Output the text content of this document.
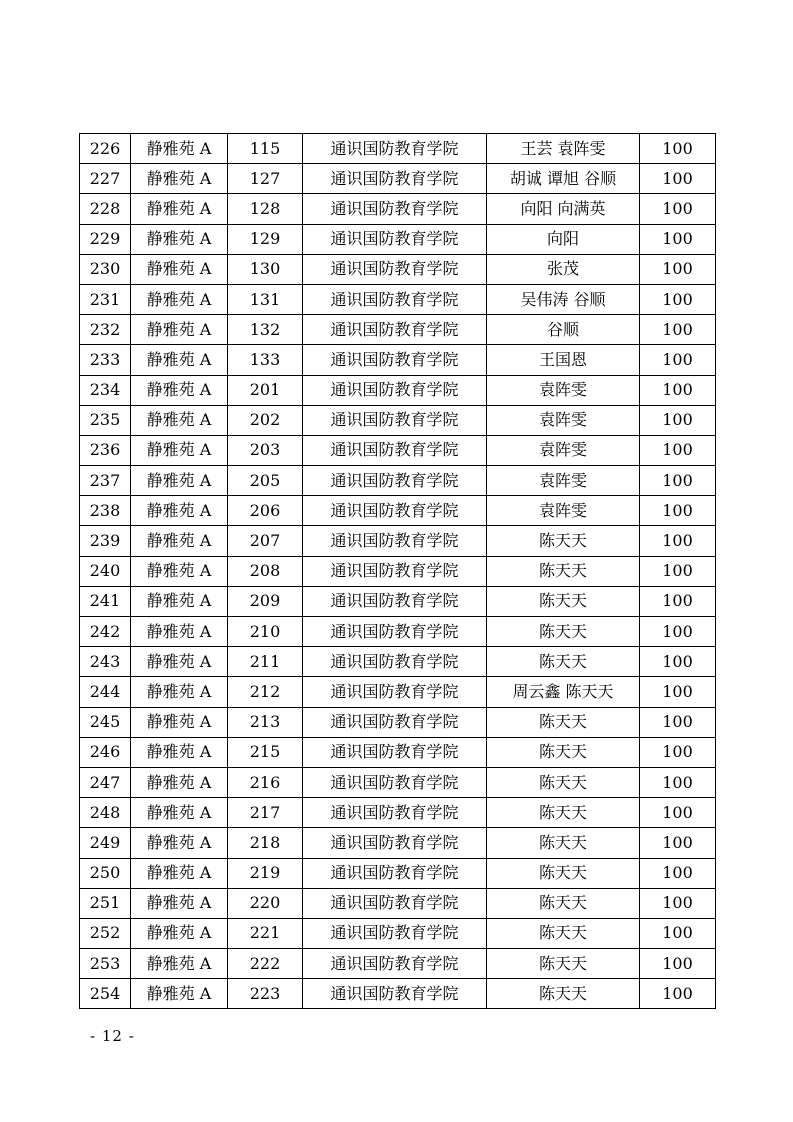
226	静雅苑 A	115	通识国防教育学院	王芸 袁阵雯	100
227	静雅苑 A	127	通识国防教育学院	胡诚 谭旭 谷顺	100
228	静雅苑 A	128	通识国防教育学院	向阳 向满英	100
229	静雅苑 A	129	通识国防教育学院	向阳	100
230	静雅苑 A	130	通识国防教育学院	张茂	100
231	静雅苑 A	131	通识国防教育学院	吴伟涛 谷顺	100
232	静雅苑 A	132	通识国防教育学院	谷顺	100
233	静雅苑 A	133	通识国防教育学院	王国恩	100
234	静雅苑 A	201	通识国防教育学院	袁阵雯	100
235	静雅苑 A	202	通识国防教育学院	袁阵雯	100
236	静雅苑 A	203	通识国防教育学院	袁阵雯	100
237	静雅苑 A	205	通识国防教育学院	袁阵雯	100
238	静雅苑 A	206	通识国防教育学院	袁阵雯	100
239	静雅苑 A	207	通识国防教育学院	陈天天	100
240	静雅苑 A	208	通识国防教育学院	陈天天	100
241	静雅苑 A	209	通识国防教育学院	陈天天	100
242	静雅苑 A	210	通识国防教育学院	陈天天	100
243	静雅苑 A	211	通识国防教育学院	陈天天	100
244	静雅苑 A	212	通识国防教育学院	周云鑫 陈天天	100
245	静雅苑 A	213	通识国防教育学院	陈天天	100
246	静雅苑 A	215	通识国防教育学院	陈天天	100
247	静雅苑 A	216	通识国防教育学院	陈天天	100
248	静雅苑 A	217	通识国防教育学院	陈天天	100
249	静雅苑 A	218	通识国防教育学院	陈天天	100
250	静雅苑 A	219	通识国防教育学院	陈天天	100
251	静雅苑 A	220	通识国防教育学院	陈天天	100
252	静雅苑 A	221	通识国防教育学院	陈天天	100
253	静雅苑 A	222	通识国防教育学院	陈天天	100
254	静雅苑 A	223	通识国防教育学院	陈天天	100
- 12 -
